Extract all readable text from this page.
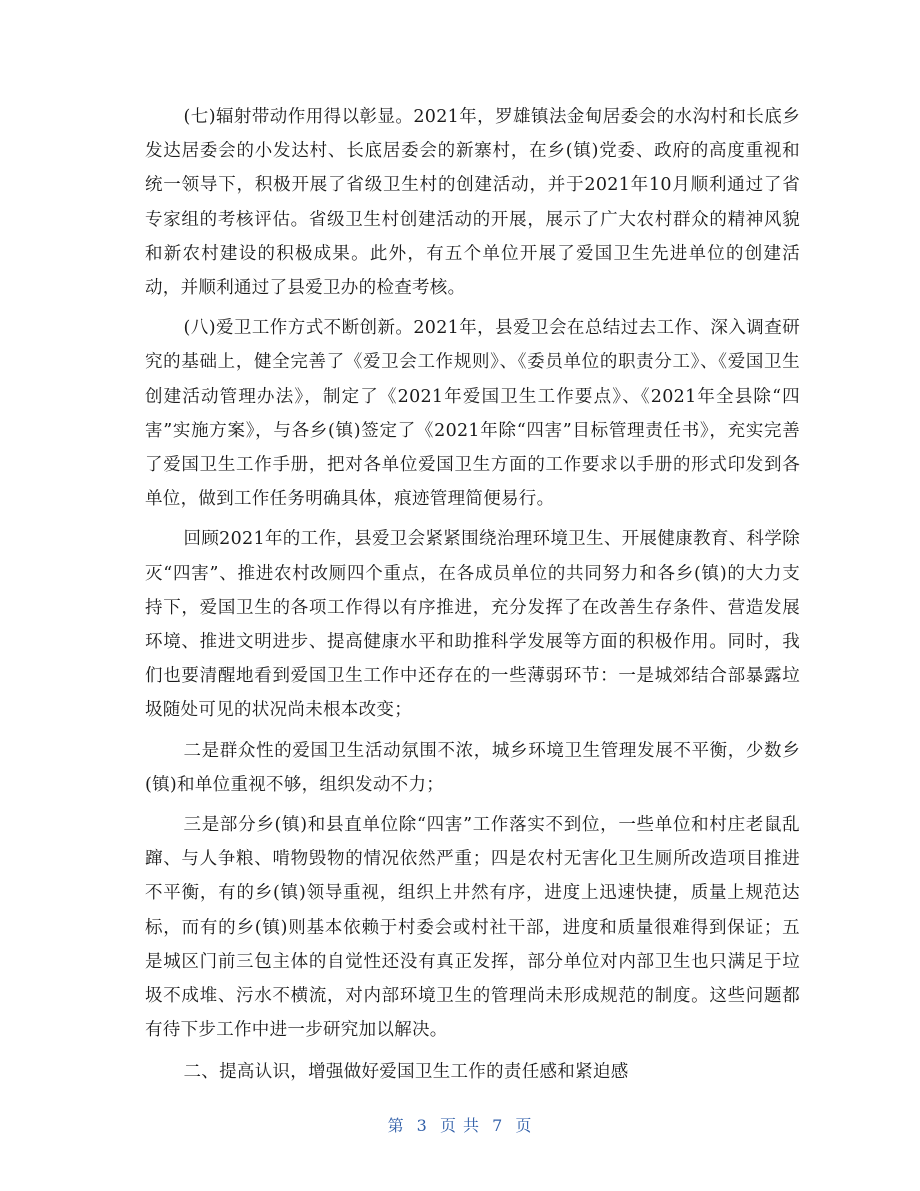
(七)辐射带动作用得以彰显。2021年，罗雄镇法金甸居委会的水沟村和长底乡发达居委会的小发达村、长底居委会的新寨村，在乡(镇)党委、政府的高度重视和统一领导下，积极开展了省级卫生村的创建活动，并于2021年10月顺利通过了省专家组的考核评估。省级卫生村创建活动的开展，展示了广大农村群众的精神风貌和新农村建设的积极成果。此外，有五个单位开展了爱国卫生先进单位的创建活动，并顺利通过了县爱卫办的检查考核。

(八)爱卫工作方式不断创新。2021年，县爱卫会在总结过去工作、深入调查研究的基础上，健全完善了《爱卫会工作规则》、《委员单位的职责分工》、《爱国卫生创建活动管理办法》，制定了《2021年爱国卫生工作要点》、《2021年全县除“四害”实施方案》，与各乡(镇)签定了《2021年除“四害”目标管理责任书》，充实完善了爱国卫生工作手册，把对各单位爱国卫生方面的工作要求以手册的形式印发到各单位，做到工作任务明确具体，痕迹管理简便易行。

回顾2021年的工作，县爱卫会紧紧围绕治理环境卫生、开展健康教育、科学除灭“四害”、推进农村改厕四个重点，在各成员单位的共同努力和各乡(镇)的大力支持下，爱国卫生的各项工作得以有序推进，充分发挥了在改善生存条件、营造发展环境、推进文明进步、提高健康水平和助推科学发展等方面的积极作用。同时，我们也要清醒地看到爱国卫生工作中还存在的一些薄弱环节：一是城郊结合部暴露垃圾随处可见的状况尚未根本改变；

二是群众性的爱国卫生活动氛围不浓，城乡环境卫生管理发展不平衡，少数乡(镇)和单位重视不够，组织发动不力；

三是部分乡(镇)和县直单位除“四害”工作落实不到位，一些单位和村庄老鼠乱蹿、与人争粮、啃物毁物的情况依然严重；四是农村无害化卫生厕所改造项目推进不平衡，有的乡(镇)领导重视，组织上井然有序，进度上迅速快捷，质量上规范达标，而有的乡(镇)则基本依赖于村委会或村社干部，进度和质量很难得到保证；五是城区门前三包主体的自觉性还没有真正发挥，部分单位对内部卫生也只满足于垃圾不成堆、污水不横流，对内部环境卫生的管理尚未形成规范的制度。这些问题都有待下步工作中进一步研究加以解决。

二、提高认识，增强做好爱国卫生工作的责任感和紧迫感

第 3 页 共 7 页
